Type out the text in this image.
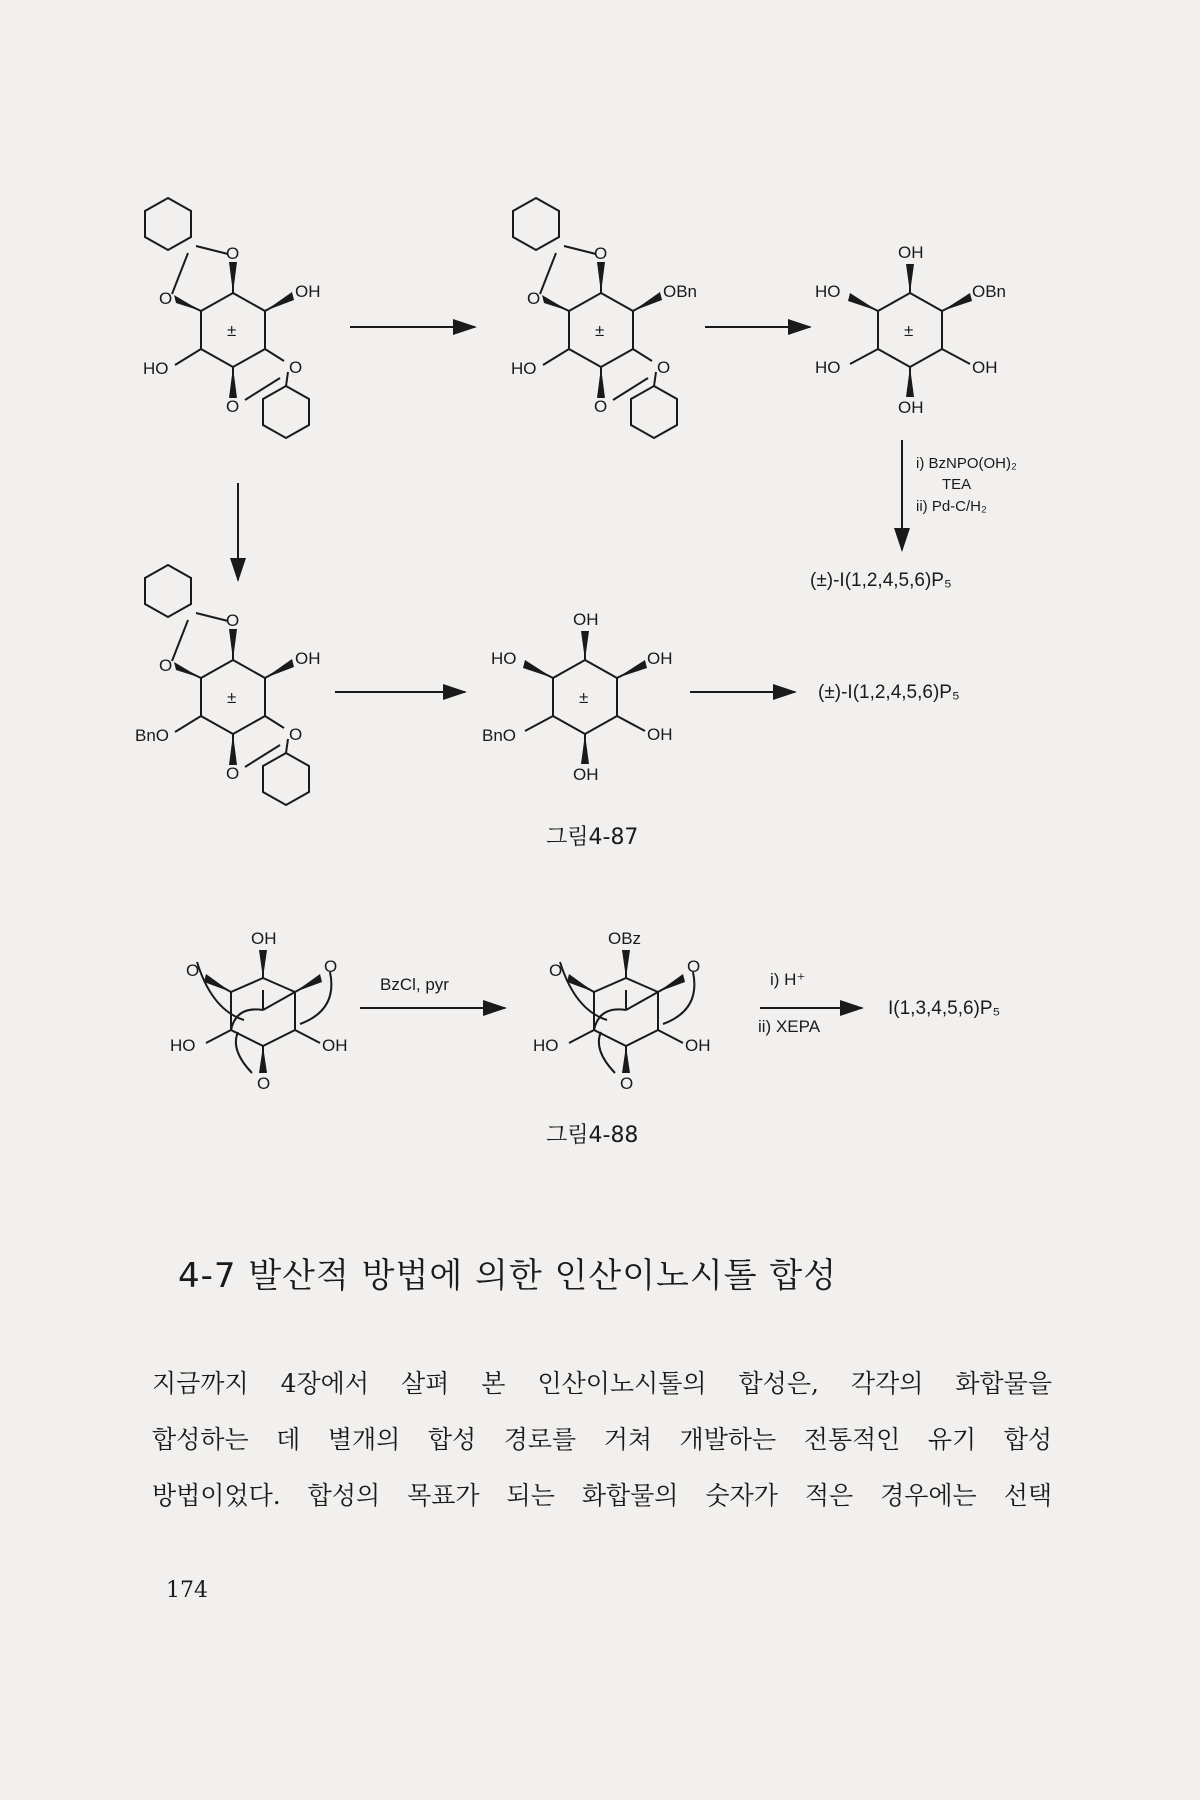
O
O	OH
HO	O
O
±
O
O	OBn
HO	O
O
±
OH
HO	OBn
HO	OH
OH
±
i) BzNPO(OH)₂
TEA
ii) Pd-C/H₂
(±)-I(1,2,4,5,6)P₅
O
O	OH
BnO	O
O
±
OH
HO	OH
BnO	OH
OH
±	(±)-I(1,2,4,5,6)P₅
OH
O	O
HO	OH
O
BzCl, pyr
OBz
O	O
HO	OH
O
i) H⁺
ii) XEPA
I(1,3,4,5,6)P₅
그림4-87
그림4-88
4-7 발산적 방법에 의한 인산이노시톨 합성
지금까지 4장에서 살펴 본 인산이노시톨의 합성은, 각각의 화합물을
합성하는 데 별개의 합성 경로를 거쳐 개발하는 전통적인 유기 합성
방법이었다. 합성의 목표가 되는 화합물의 숫자가 적은 경우에는 선택
174
